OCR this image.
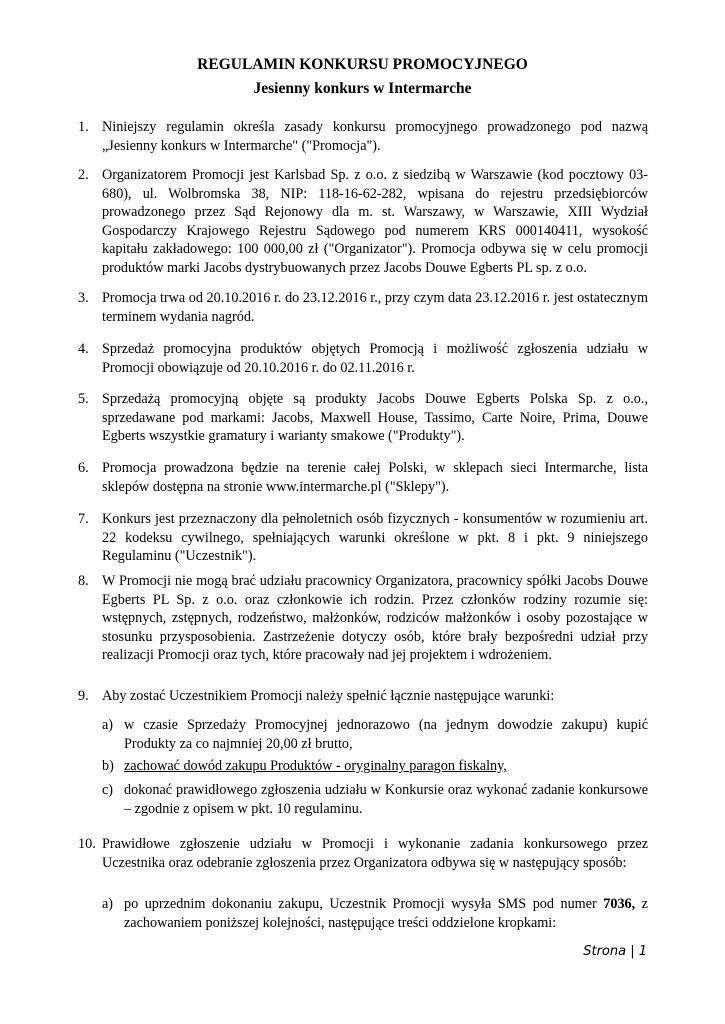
REGULAMIN KONKURSU PROMOCYJNEGO
Jesienny konkurs w Intermarche
1. Niniejszy regulamin określa zasady konkursu promocyjnego prowadzonego pod nazwą „Jesienny konkurs w Intermarche" ("Promocja").
2. Organizatorem Promocji jest Karlsbad Sp. z o.o. z siedzibą w Warszawie (kod pocztowy 03-680), ul. Wolbromska 38, NIP: 118-16-62-282, wpisana do rejestru przedsiębiorców prowadzonego przez Sąd Rejonowy dla m. st. Warszawy, w Warszawie, XIII Wydział Gospodarczy Krajowego Rejestru Sądowego pod numerem KRS 000140411, wysokość kapitału zakładowego: 100 000,00 zł ("Organizator"). Promocja odbywa się w celu promocji produktów marki Jacobs dystrybuowanych przez Jacobs Douwe Egberts PL sp. z o.o.
3. Promocja trwa od 20.10.2016 r. do 23.12.2016 r., przy czym data 23.12.2016 r. jest ostatecznym terminem wydania nagród.
4. Sprzedaż promocyjna produktów objętych Promocją i możliwość zgłoszenia udziału w Promocji obowiązuje od 20.10.2016 r. do 02.11.2016 r.
5. Sprzedażą promocyjną objęte są produkty Jacobs Douwe Egberts Polska Sp. z o.o., sprzedawane pod markami: Jacobs, Maxwell House, Tassimo, Carte Noire, Prima, Douwe Egberts wszystkie gramatury i warianty smakowe ("Produkty").
6. Promocja prowadzona będzie na terenie całej Polski, w sklepach sieci Intermarche, lista sklepów dostępna na stronie www.intermarche.pl ("Sklepy").
7. Konkurs jest przeznaczony dla pełnoletnich osób fizycznych - konsumentów w rozumieniu art. 22 kodeksu cywilnego, spełniających warunki określone w pkt. 8 i pkt. 9 niniejszego Regulaminu ("Uczestnik").
8. W Promocji nie mogą brać udziału pracownicy Organizatora, pracownicy spółki Jacobs Douwe Egberts PL Sp. z o.o. oraz członkowie ich rodzin. Przez członków rodziny rozumie się: wstępnych, zstępnych, rodzeństwo, małżonków, rodziców małżonków i osoby pozostające w stosunku przysposobienia. Zastrzeżenie dotyczy osób, które brały bezpośredni udział przy realizacji Promocji oraz tych, które pracowały nad jej projektem i wdrożeniem.
9. Aby zostać Uczestnikiem Promocji należy spełnić łącznie następujące warunki:
a) w czasie Sprzedaży Promocyjnej jednorazowo (na jednym dowodzie zakupu) kupić Produkty za co najmniej 20,00 zł brutto,
b) zachować dowód zakupu Produktów - oryginalny paragon fiskalny,
c) dokonać prawidłowego zgłoszenia udziału w Konkursie oraz wykonać zadanie konkursowe – zgodnie z opisem w pkt. 10 regulaminu.
10. Prawidłowe zgłoszenie udziału w Promocji i wykonanie zadania konkursowego przez Uczestnika oraz odebranie zgłoszenia przez Organizatora odbywa się w następujący sposób:
a) po uprzednim dokonaniu zakupu, Uczestnik Promocji wysyła SMS pod numer 7036, z zachowaniem poniższej kolejności, następujące treści oddzielone kropkami:
Strona | 1
